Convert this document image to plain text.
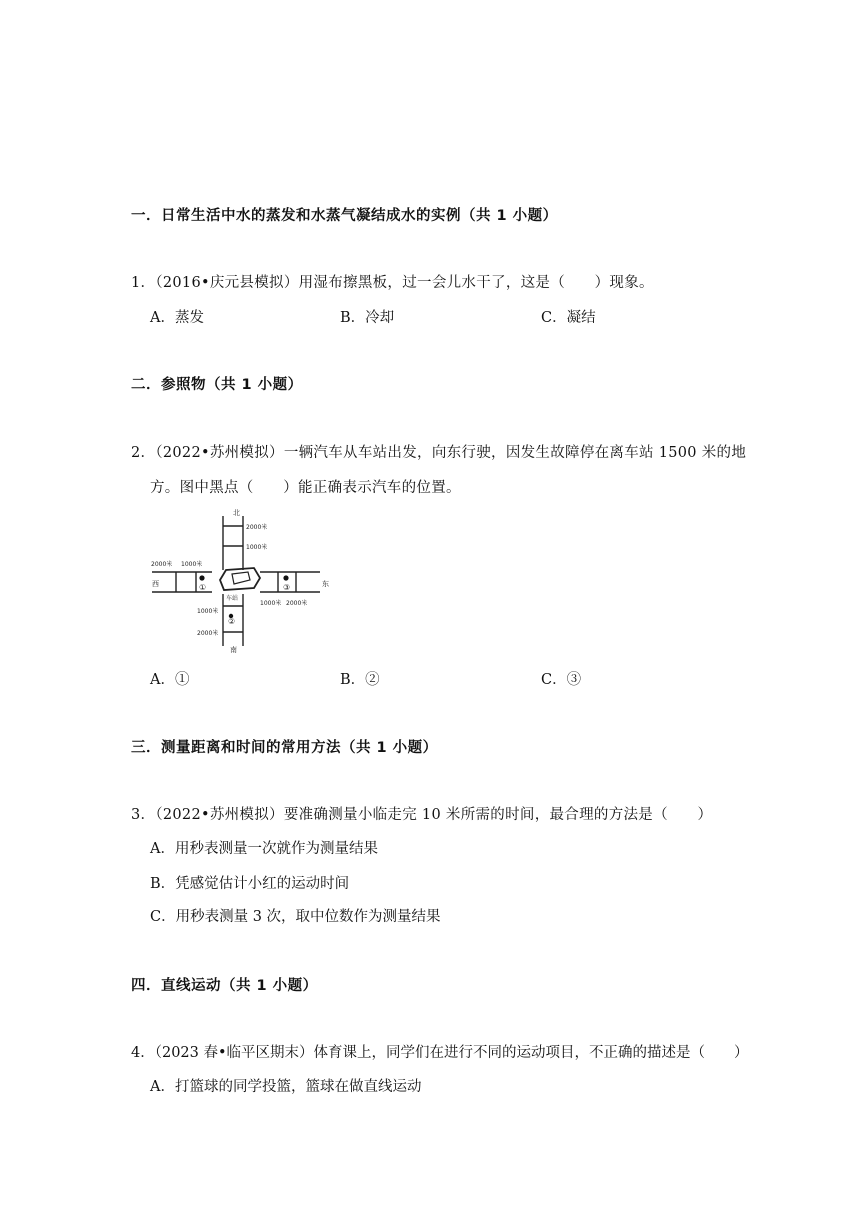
一．日常生活中水的蒸发和水蒸气凝结成水的实例（共 1 小题）
1．（2016•庆元县模拟）用湿布擦黑板，过一会儿水干了，这是（　　）现象。
A．蒸发	B．冷却	C．凝结
二．参照物（共 1 小题）
2．（2022•苏州模拟）一辆汽车从车站出发，向东行驶，因发生故障停在离车站 1500 米的地
方。图中黑点（　　）能正确表示汽车的位置。
北
南
西	东
车站
2000米
1000米
2000米 1000米
1000米 2000米
1000米
2000米
①
②
③
A．①	B．②	C．③
三．测量距离和时间的常用方法（共 1 小题）
3．（2022•苏州模拟）要准确测量小临走完 10 米所需的时间，最合理的方法是（　　）
A．用秒表测量一次就作为测量结果
B．凭感觉估计小红的运动时间
C．用秒表测量 3 次，取中位数作为测量结果
四．直线运动（共 1 小题）
4．（2023 春•临平区期末）体育课上，同学们在进行不同的运动项目，不正确的描述是（　　）
A．打篮球的同学投篮，篮球在做直线运动
